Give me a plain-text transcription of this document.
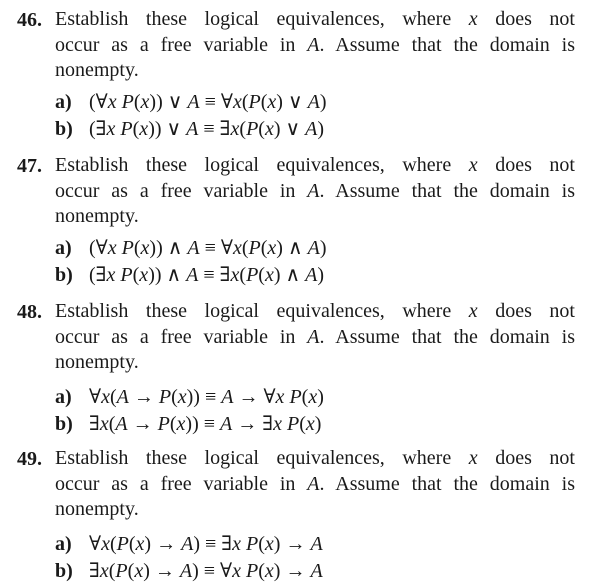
46. Establish these logical equivalences, where x does not
occur as a free variable in A. Assume that the domain is
nonempty.
a) (∀x P(x)) ∨ A ≡ ∀x(P(x) ∨ A)
b) (∃x P(x)) ∨ A ≡ ∃x(P(x) ∨ A)
47. Establish these logical equivalences, where x does not
occur as a free variable in A. Assume that the domain is
nonempty.
a) (∀x P(x)) ∧ A ≡ ∀x(P(x) ∧ A)
b) (∃x P(x)) ∧ A ≡ ∃x(P(x) ∧ A)
48. Establish these logical equivalences, where x does not
occur as a free variable in A. Assume that the domain is
nonempty.
a) ∀x(A → P(x)) ≡ A → ∀x P(x)
b) ∃x(A → P(x)) ≡ A → ∃x P(x)
49. Establish these logical equivalences, where x does not
occur as a free variable in A. Assume that the domain is
nonempty.
a) ∀x(P(x) → A) ≡ ∃x P(x) → A
b) ∃x(P(x) → A) ≡ ∀x P(x) → A
